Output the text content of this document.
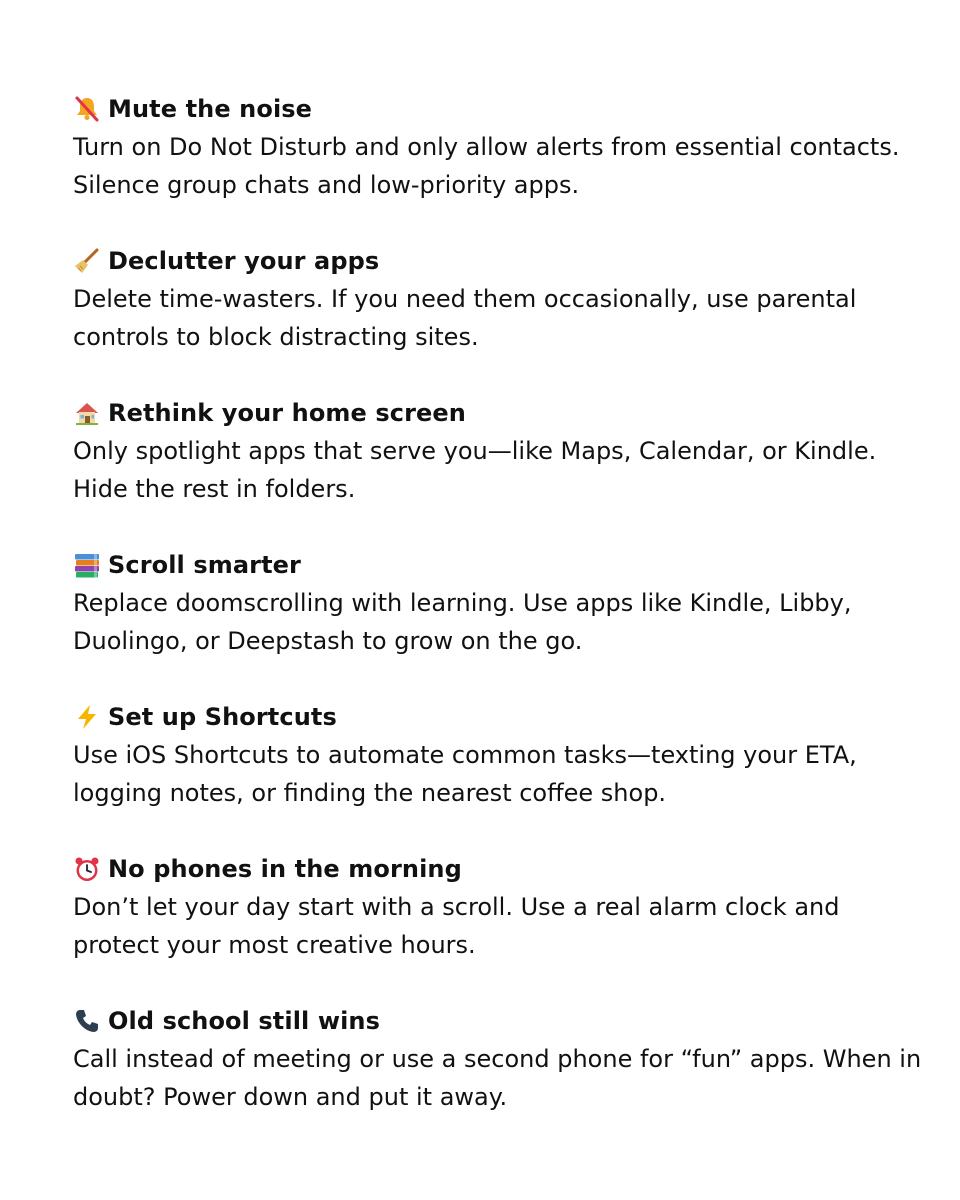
Mute the noise
Turn on Do Not Disturb and only allow alerts from essential contacts. Silence group chats and low-priority apps.
Declutter your apps
Delete time-wasters. If you need them occasionally, use parental controls to block distracting sites.
Rethink your home screen
Only spotlight apps that serve you—like Maps, Calendar, or Kindle. Hide the rest in folders.
Scroll smarter
Replace doomscrolling with learning. Use apps like Kindle, Libby, Duolingo, or Deepstash to grow on the go.
Set up Shortcuts
Use iOS Shortcuts to automate common tasks—texting your ETA, logging notes, or finding the nearest coffee shop.
No phones in the morning
Don’t let your day start with a scroll. Use a real alarm clock and protect your most creative hours.
Old school still wins
Call instead of meeting or use a second phone for “fun” apps. When in doubt? Power down and put it away.
